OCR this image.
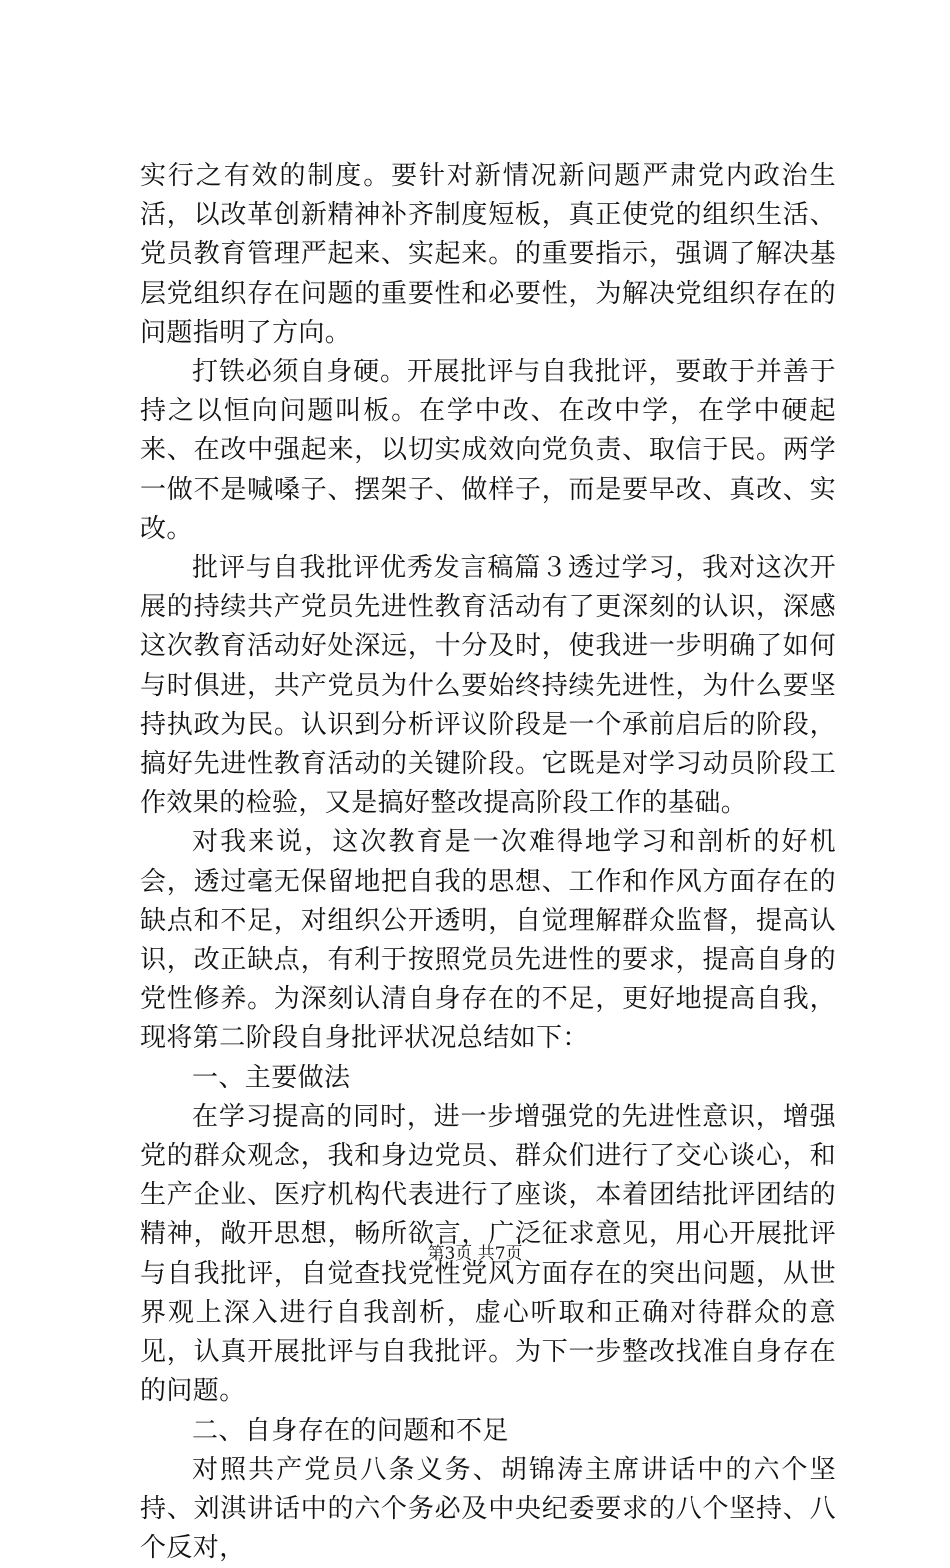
实行之有效的制度。要针对新情况新问题严肃党内政治生活，以改革创新精神补齐制度短板，真正使党的组织生活、党员教育管理严起来、实起来。的重要指示，强调了解决基层党组织存在问题的重要性和必要性，为解决党组织存在的问题指明了方向。

打铁必须自身硬。开展批评与自我批评，要敢于并善于持之以恒向问题叫板。在学中改、在改中学，在学中硬起来、在改中强起来，以切实成效向党负责、取信于民。两学一做不是喊嗓子、摆架子、做样子，而是要早改、真改、实改。

批评与自我批评优秀发言稿篇３透过学习，我对这次开展的持续共产党员先进性教育活动有了更深刻的认识，深感这次教育活动好处深远，十分及时，使我进一步明确了如何与时俱进，共产党员为什么要始终持续先进性，为什么要坚持执政为民。认识到分析评议阶段是一个承前启后的阶段，搞好先进性教育活动的关键阶段。它既是对学习动员阶段工作效果的检验，又是搞好整改提高阶段工作的基础。

对我来说，这次教育是一次难得地学习和剖析的好机会，透过毫无保留地把自我的思想、工作和作风方面存在的缺点和不足，对组织公开透明，自觉理解群众监督，提高认识，改正缺点，有利于按照党员先进性的要求，提高自身的党性修养。为深刻认清自身存在的不足，更好地提高自我，现将第二阶段自身批评状况总结如下：

一、主要做法

在学习提高的同时，进一步增强党的先进性意识，增强党的群众观念，我和身边党员、群众们进行了交心谈心，和生产企业、医疗机构代表进行了座谈，本着团结批评团结的精神，敞开思想，畅所欲言，广泛征求意见，用心开展批评与自我批评，自觉查找党性党风方面存在的突出问题，从世界观上深入进行自我剖析，虚心听取和正确对待群众的意见，认真开展批评与自我批评。为下一步整改找准自身存在的问题。

二、自身存在的问题和不足

对照共产党员八条义务、胡锦涛主席讲话中的六个坚持、刘淇讲话中的六个务必及中央纪委要求的八个坚持、八个反对，

第3页 共7页
